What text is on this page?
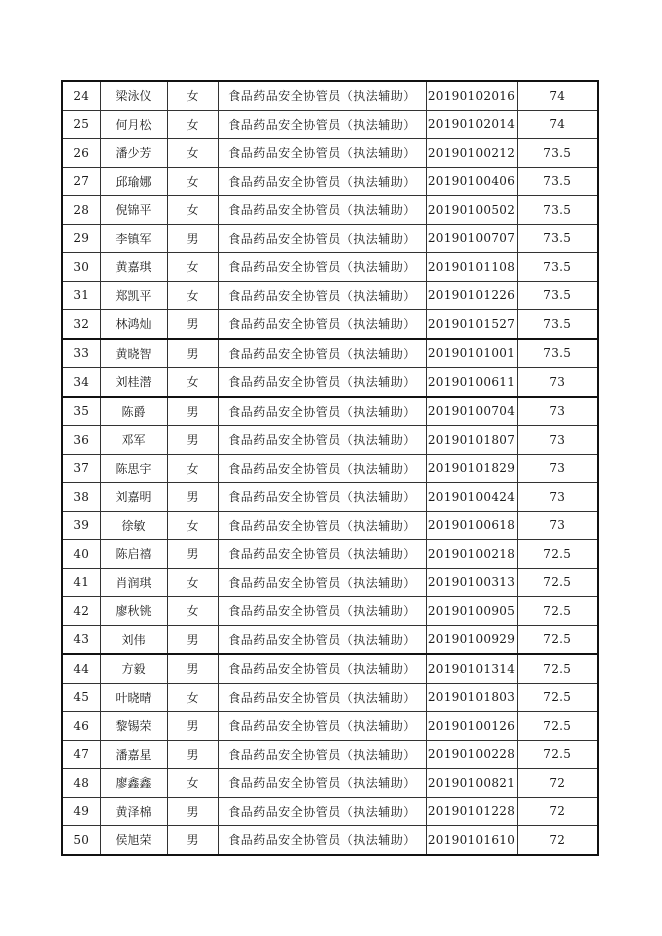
24	梁泳仪	女	食品药品安全协管员（执法辅助）	20190102016	74
25	何月松	女	食品药品安全协管员（执法辅助）	20190102014	74
26	潘少芳	女	食品药品安全协管员（执法辅助）	20190100212	73.5
27	邱瑜娜	女	食品药品安全协管员（执法辅助）	20190100406	73.5
28	倪锦平	女	食品药品安全协管员（执法辅助）	20190100502	73.5
29	李镇军	男	食品药品安全协管员（执法辅助）	20190100707	73.5
30	黄嘉琪	女	食品药品安全协管员（执法辅助）	20190101108	73.5
31	郑凯平	女	食品药品安全协管员（执法辅助）	20190101226	73.5
32	林鸿灿	男	食品药品安全协管员（执法辅助）	20190101527	73.5
33	黄晓智	男	食品药品安全协管员（执法辅助）	20190101001	73.5
34	刘桂潜	女	食品药品安全协管员（执法辅助）	20190100611	73
35	陈爵	男	食品药品安全协管员（执法辅助）	20190100704	73
36	邓军	男	食品药品安全协管员（执法辅助）	20190101807	73
37	陈思宇	女	食品药品安全协管员（执法辅助）	20190101829	73
38	刘嘉明	男	食品药品安全协管员（执法辅助）	20190100424	73
39	徐敏	女	食品药品安全协管员（执法辅助）	20190100618	73
40	陈启禧	男	食品药品安全协管员（执法辅助）	20190100218	72.5
41	肖润琪	女	食品药品安全协管员（执法辅助）	20190100313	72.5
42	廖秋铫	女	食品药品安全协管员（执法辅助）	20190100905	72.5
43	刘伟	男	食品药品安全协管员（执法辅助）	20190100929	72.5
44	方毅	男	食品药品安全协管员（执法辅助）	20190101314	72.5
45	叶晓晴	女	食品药品安全协管员（执法辅助）	20190101803	72.5
46	黎锡荣	男	食品药品安全协管员（执法辅助）	20190100126	72.5
47	潘嘉星	男	食品药品安全协管员（执法辅助）	20190100228	72.5
48	廖鑫鑫	女	食品药品安全协管员（执法辅助）	20190100821	72
49	黄泽棉	男	食品药品安全协管员（执法辅助）	20190101228	72
50	侯旭荣	男	食品药品安全协管员（执法辅助）	20190101610	72
